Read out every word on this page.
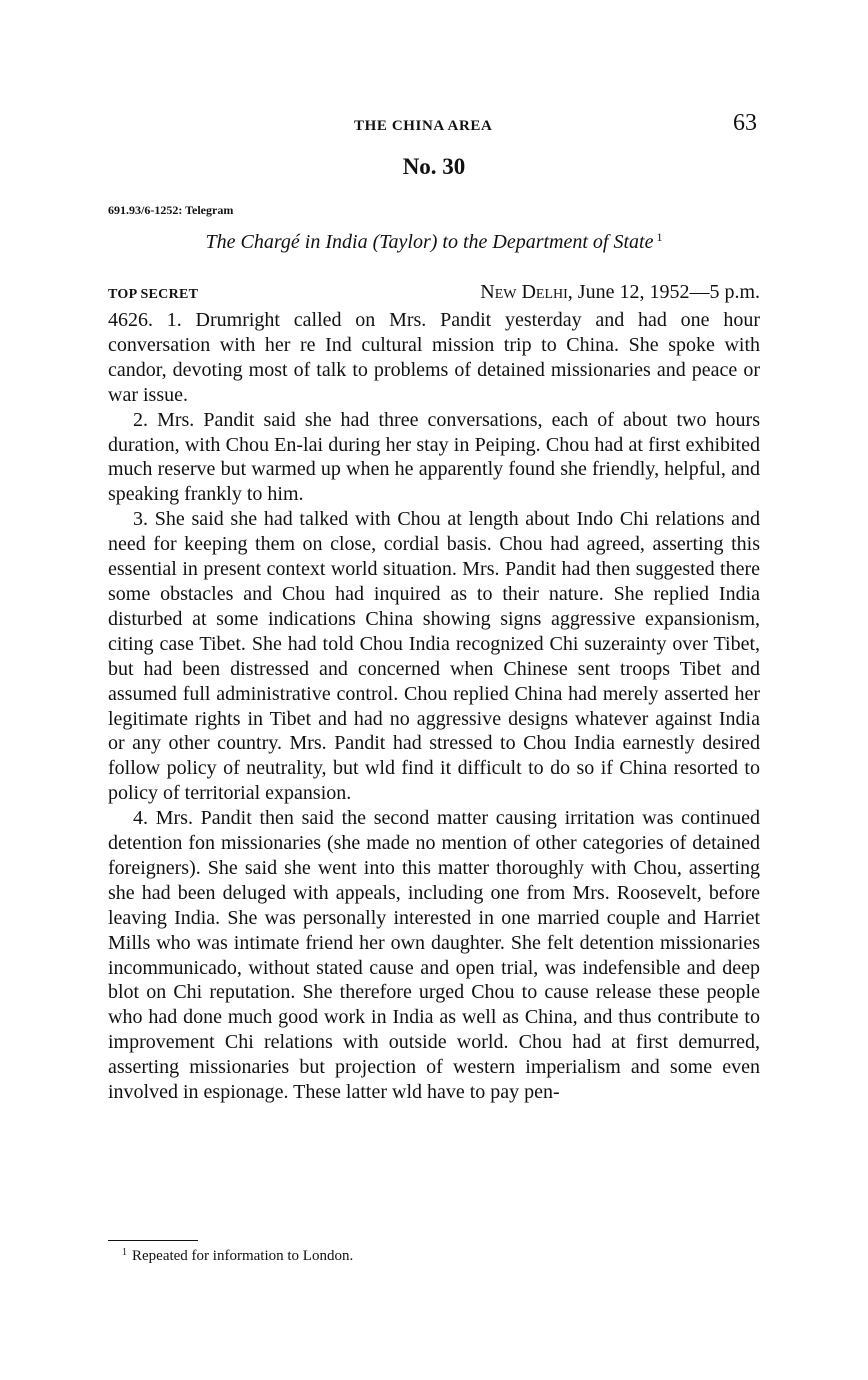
THE CHINA AREA	63
No. 30
691.93/6-1252: Telegram
The Chargé in India (Taylor) to the Department of State $^1$
TOP SECRET	New Delhi, June 12, 1952—5 p.m.

4626. 1. Drumright called on Mrs. Pandit yesterday and had one hour conversation with her re Ind cultural mission trip to China. She spoke with candor, devoting most of talk to problems of detained missionaries and peace or war issue.

2. Mrs. Pandit said she had three conversations, each of about two hours duration, with Chou En-lai during her stay in Peiping. Chou had at first exhibited much reserve but warmed up when he apparently found she friendly, helpful, and speaking frankly to him.

3. She said she had talked with Chou at length about Indo Chi relations and need for keeping them on close, cordial basis. Chou had agreed, asserting this essential in present context world situation. Mrs. Pandit had then suggested there some obstacles and Chou had inquired as to their nature. She replied India disturbed at some indications China showing signs aggressive expansionism, citing case Tibet. She had told Chou India recognized Chi suzerainty over Tibet, but had been distressed and concerned when Chinese sent troops Tibet and assumed full administrative control. Chou replied China had merely asserted her legitimate rights in Tibet and had no aggressive designs whatever against India or any other country. Mrs. Pandit had stressed to Chou India earnestly desired follow policy of neutrality, but wld find it difficult to do so if China resorted to policy of territorial expansion.

4. Mrs. Pandit then said the second matter causing irritation was continued detention fon missionaries (she made no mention of other categories of detained foreigners). She said she went into this matter thoroughly with Chou, asserting she had been deluged with appeals, including one from Mrs. Roosevelt, before leaving India. She was personally interested in one married couple and Harriet Mills who was intimate friend her own daughter. She felt detention missionaries incommunicado, without stated cause and open trial, was indefensible and deep blot on Chi reputation. She therefore urged Chou to cause release these people who had done much good work in India as well as China, and thus contribute to improvement Chi relations with outside world. Chou had at first demurred, asserting missionaries but projection of western imperialism and some even involved in espionage. These latter wld have to pay pen-

$^1$ Repeated for information to London.
